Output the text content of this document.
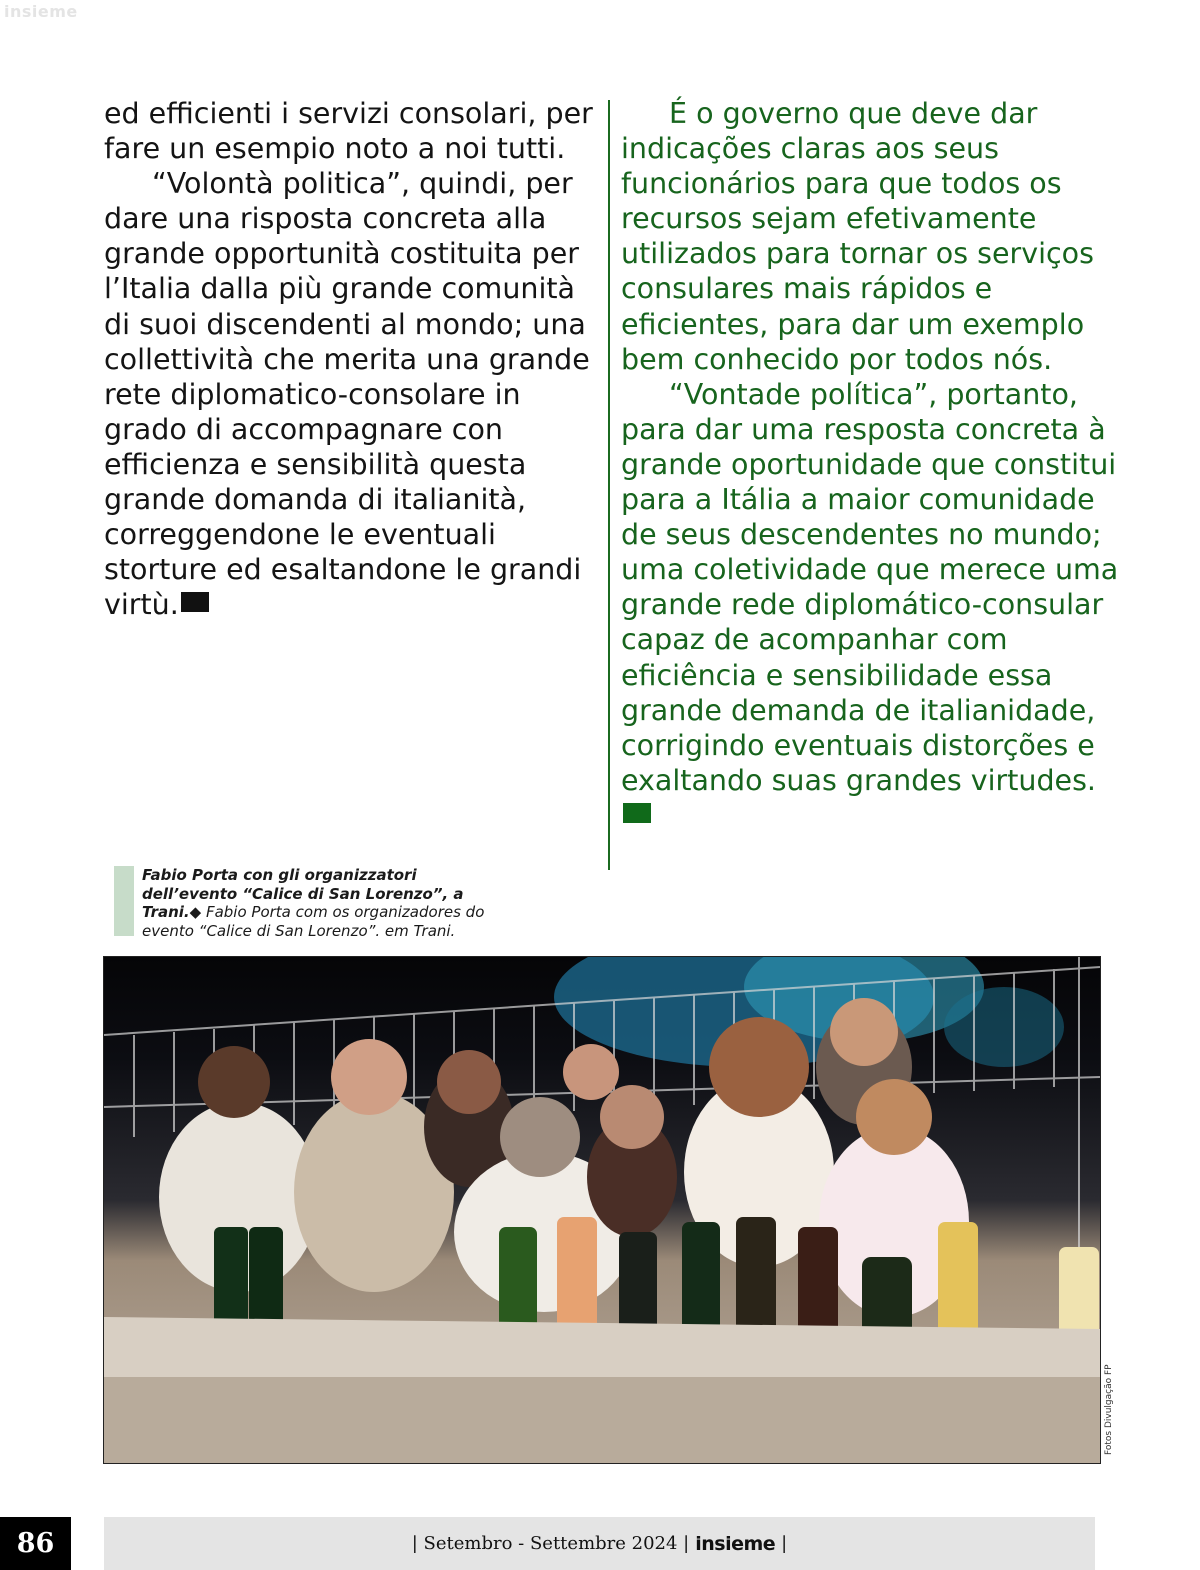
insieme

ed efficienti i servizi consolari, per fare un esempio noto a noi tutti.

“Volontà politica”, quindi, per dare una risposta concreta alla grande opportunità costituita per l’Italia dalla più grande comunità di suoi discendenti al mondo; una collettività che merita una grande rete diplomatico-consolare in grado di accompagnare con efficienza e sensibilità questa grande domanda di italianità, correggendone le eventuali storture ed esaltandone le grandi virtù.

É o governo que deve dar indicações claras aos seus funcionários para que todos os recursos sejam efetivamente utilizados para tornar os serviços consulares mais rápidos e eficientes, para dar um exemplo bem conhecido por todos nós.

“Vontade política”, portanto, para dar uma resposta concreta à grande oportunidade que constitui para a Itália a maior comunidade de seus descendentes no mundo; uma coletividade que merece uma grande rede diplomático-consular capaz de acompanhar com eficiência e sensibilidade essa grande demanda de italianidade, corrigindo eventuais distorções e exaltando suas grandes virtudes.

Fabio Porta con gli organizzatori dell’evento “Calice di San Lorenzo”, a Trani.◆ Fabio Porta com os organizadores do evento “Calice di San Lorenzo”. em Trani.
Fotos Divulgação FP
86	| Setembro - Settembre 2024 | insieme |
